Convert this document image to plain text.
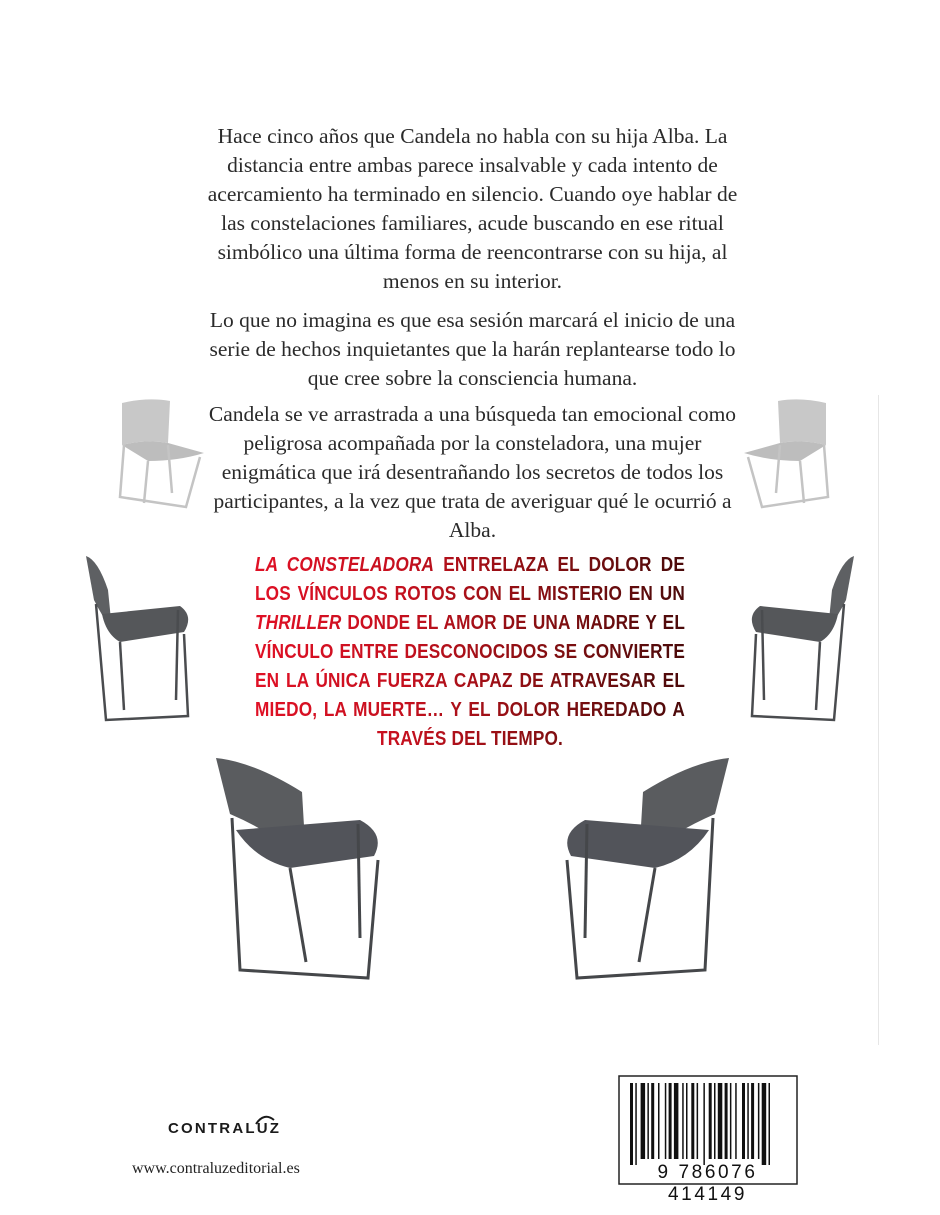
Hace cinco años que Candela no habla con su hija Alba. La distancia entre ambas parece insalvable y cada intento de acercamiento ha terminado en silencio. Cuando oye hablar de las constelaciones familiares, acude buscando en ese ritual simbólico una última forma de reencontrarse con su hija, al menos en su interior.

Lo que no imagina es que esa sesión marcará el inicio de una serie de hechos inquietantes que la harán replantearse todo lo que cree sobre la consciencia humana.

Candela se ve arrastrada a una búsqueda tan emocional como peligrosa acompañada por la consteladora, una mujer enigmática que irá desentrañando los secretos de todos los participantes, a la vez que trata de averiguar qué le ocurrió a Alba.

LA CONSTELADORA ENTRELAZA EL DOLOR DE LOS VÍNCULOS ROTOS CON EL MISTERIO EN UN THRILLER DONDE EL AMOR DE UNA MADRE Y EL VÍNCULO ENTRE DESCONOCIDOS SE CONVIERTE EN LA ÚNICA FUERZA CAPAZ DE ATRAVESAR EL MIEDO, LA MUERTE… Y EL DOLOR HEREDADO A TRAVÉS DEL TIEMPO.

CONTRALUZ
www.contraluzeditorial.es	9 786076 414149
